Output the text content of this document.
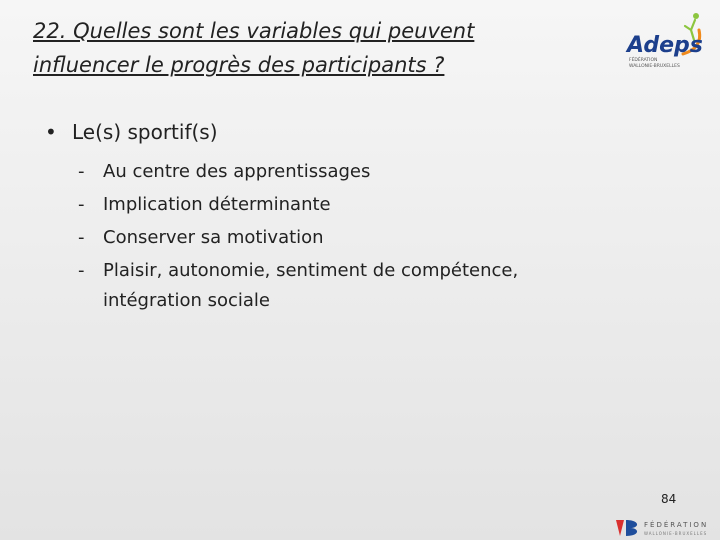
22. Quelles sont les variables qui peuvent influencer le progrès des participants ?
Adeps
FÉDÉRATION
WALLONIE-BRUXELLES
• Le(s) sportif(s)
- Au centre des apprentissages
- Implication déterminante
- Conserver sa motivation
- Plaisir, autonomie, sentiment de compétence, intégration sociale
84
FÉDÉRATION
WALLONIE-BRUXELLES
